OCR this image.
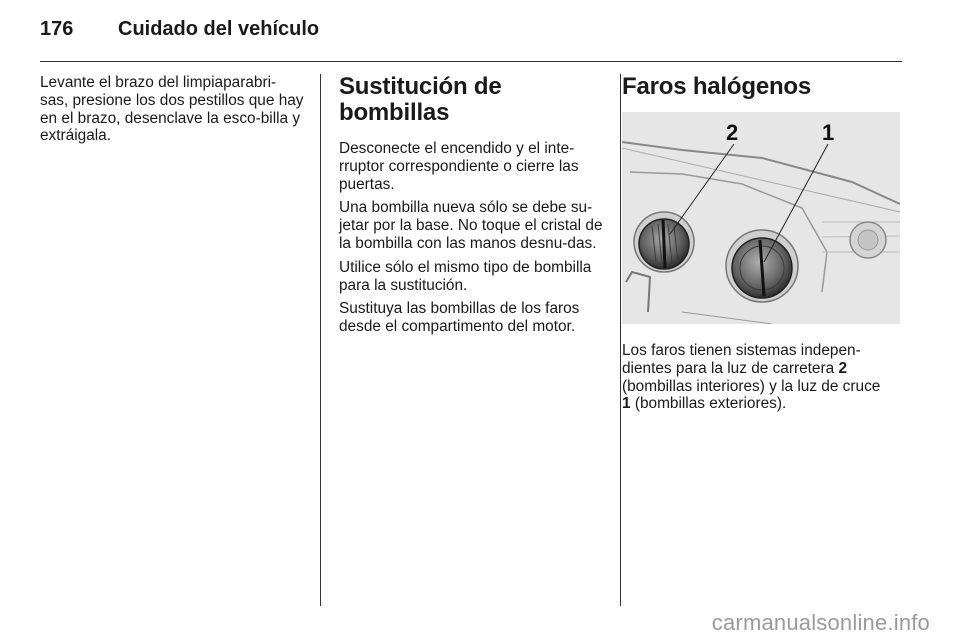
176	Cuidado del vehículo

Levante el brazo del limpiaparabri-sas, presione los dos pestillos que hay en el brazo, desenclave la esco-billa y extráigala.

Sustitución de bombillas

Desconecte el encendido y el inte-rruptor correspondiente o cierre las puertas.

Una bombilla nueva sólo se debe su-jetar por la base. No toque el cristal de la bombilla con las manos desnu-das.

Utilice sólo el mismo tipo de bombilla para la sustitución.

Sustituya las bombillas de los faros desde el compartimento del motor.

Faros halógenos
2	1

Los faros tienen sistemas indepen-dientes para la luz de carretera 2 (bombillas interiores) y la luz de cruce 1 (bombillas exteriores).

carmanualsonline.info
